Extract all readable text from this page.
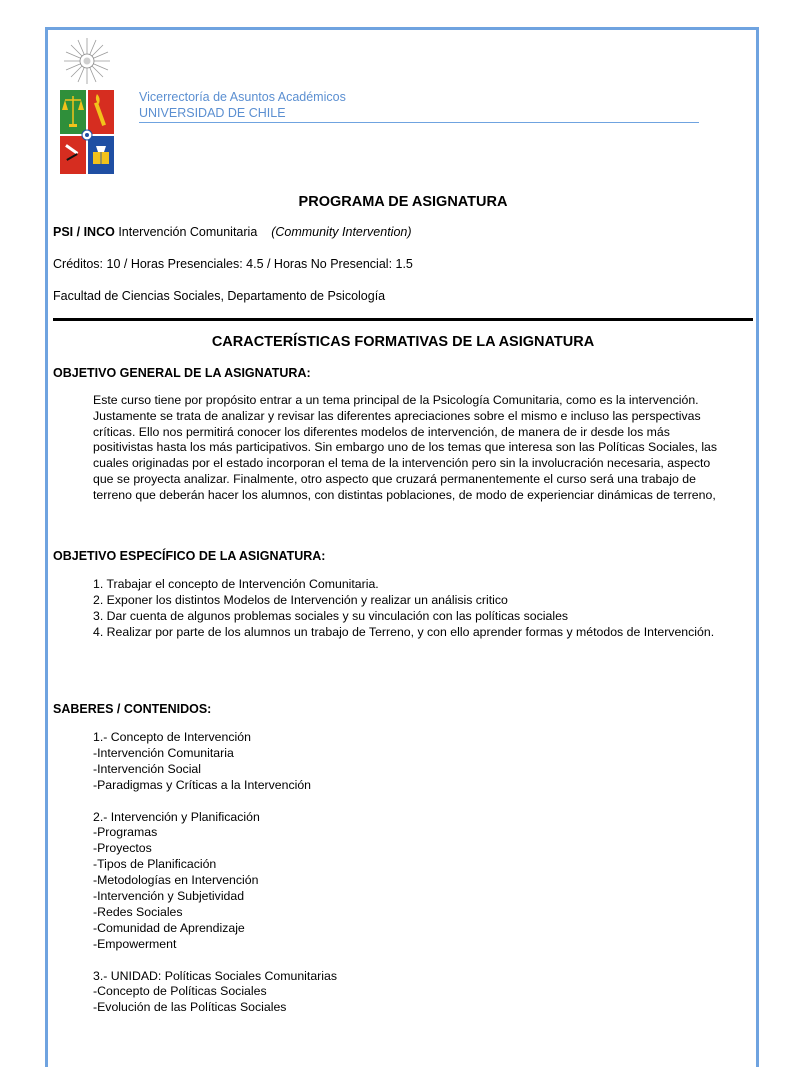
Vicerrectoría de Asuntos Académicos
UNIVERSIDAD DE CHILE
PROGRAMA DE ASIGNATURA
PSI / INCO Intervención Comunitaria (Community Intervention)
Créditos: 10 / Horas Presenciales: 4.5 / Horas No Presencial: 1.5
Facultad de Ciencias Sociales, Departamento de Psicología
CARACTERÍSTICAS FORMATIVAS DE LA ASIGNATURA
OBJETIVO GENERAL DE LA ASIGNATURA:
Este curso tiene por propósito entrar a un tema principal de la Psicología Comunitaria, como es la intervención. Justamente se trata de analizar y revisar las diferentes apreciaciones sobre el mismo e incluso las perspectivas críticas. Ello nos permitirá conocer los diferentes modelos de intervención, de manera de ir desde los más positivistas hasta los más participativos. Sin embargo uno de los temas que interesa son las Políticas Sociales, las cuales originadas por el estado incorporan el tema de la intervención pero sin la involucración necesaria, aspecto que se proyecta analizar. Finalmente, otro aspecto que cruzará permanentemente el curso será una trabajo de terreno que deberán hacer los alumnos, con distintas poblaciones, de modo de experienciar dinámicas de terreno,
OBJETIVO ESPECÍFICO DE LA ASIGNATURA:
1. Trabajar el concepto de Intervención Comunitaria.
2. Exponer los distintos Modelos de Intervención y realizar un análisis critico
3. Dar cuenta de algunos problemas sociales y su vinculación con las políticas sociales
4. Realizar por parte de los alumnos un trabajo de Terreno, y con ello aprender formas y métodos de Intervención.
SABERES / CONTENIDOS:
1.- Concepto de Intervención
-Intervención Comunitaria
-Intervención Social
-Paradigmas y Críticas a la Intervención
2.- Intervención y Planificación
-Programas
-Proyectos
-Tipos de Planificación
-Metodologías en Intervención
-Intervención y Subjetividad
-Redes Sociales
-Comunidad de Aprendizaje
-Empowerment
3.- UNIDAD: Políticas Sociales Comunitarias
-Concepto de Políticas Sociales
-Evolución de las Políticas Sociales
